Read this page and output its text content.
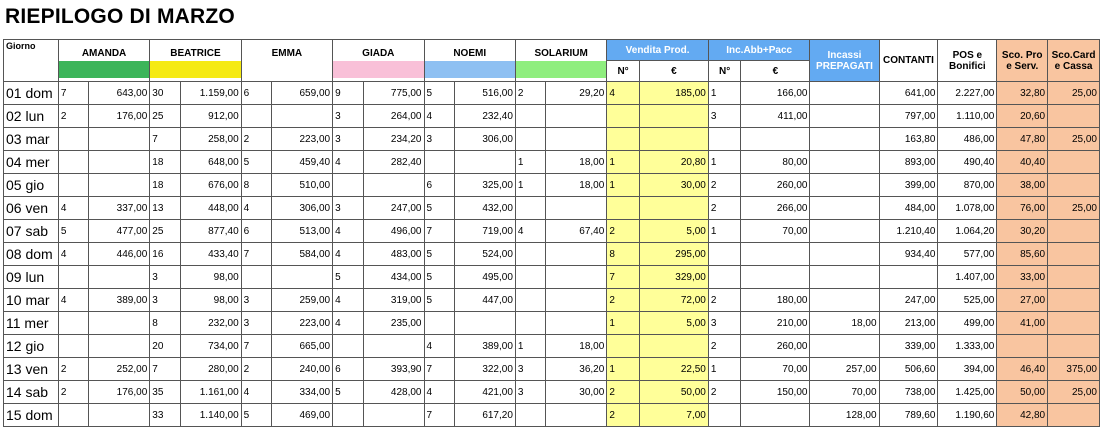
RIEPILOGO DI MARZO
Giorno	AMANDA		BEATRICE		EMMA		GIADA		NOEMI		SOLARIUM		Vendita Prod.		Inc.Abb+Pacc		Incassi PREPAGATI	CONTANTI	POS e Bonifici	Sco. Pro e Serv.	Sco.Card e Cassa
													N°	€	N°	€					
01 dom	7	643,00	30	1.159,00	6	659,00	9	775,00	5	516,00	2	29,20	4	185,00	1	166,00		641,00	2.227,00	32,80	25,00
02 lun	2	176,00	25	912,00			3	264,00	4	232,40					3	411,00		797,00	1.110,00	20,60	
03 mar			7	258,00	2	223,00	3	234,20	3	306,00								163,80	486,00	47,80	25,00
04 mer			18	648,00	5	459,40	4	282,40			1	18,00	1	20,80	1	80,00		893,00	490,40	40,40	
05 gio			18	676,00	8	510,00			6	325,00	1	18,00	1	30,00	2	260,00		399,00	870,00	38,00	
06 ven	4	337,00	13	448,00	4	306,00	3	247,00	5	432,00					2	266,00		484,00	1.078,00	76,00	25,00
07 sab	5	477,00	25	877,40	6	513,00	4	496,00	7	719,00	4	67,40	2	5,00	1	70,00		1.210,40	1.064,20	30,20	
08 dom	4	446,00	16	433,40	7	584,00	4	483,00	5	524,00			8	295,00				934,40	577,00	85,60	
09 lun			3	98,00			5	434,00	5	495,00			7	329,00					1.407,00	33,00	
10 mar	4	389,00	3	98,00	3	259,00	4	319,00	5	447,00			2	72,00	2	180,00		247,00	525,00	27,00	
11 mer			8	232,00	3	223,00	4	235,00					1	5,00	3	210,00	18,00	213,00	499,00	41,00	
12 gio			20	734,00	7	665,00			4	389,00	1	18,00			2	260,00		339,00	1.333,00		
13 ven	2	252,00	7	280,00	2	240,00	6	393,90	7	322,00	3	36,20	1	22,50	1	70,00	257,00	506,60	394,00	46,40	375,00
14 sab	2	176,00	35	1.161,00	4	334,00	5	428,00	4	421,00	3	30,00	2	50,00	2	150,00	70,00	738,00	1.425,00	50,00	25,00
15 dom			33	1.140,00	5	469,00			7	617,20			2	7,00			128,00	789,60	1.190,60	42,80	
